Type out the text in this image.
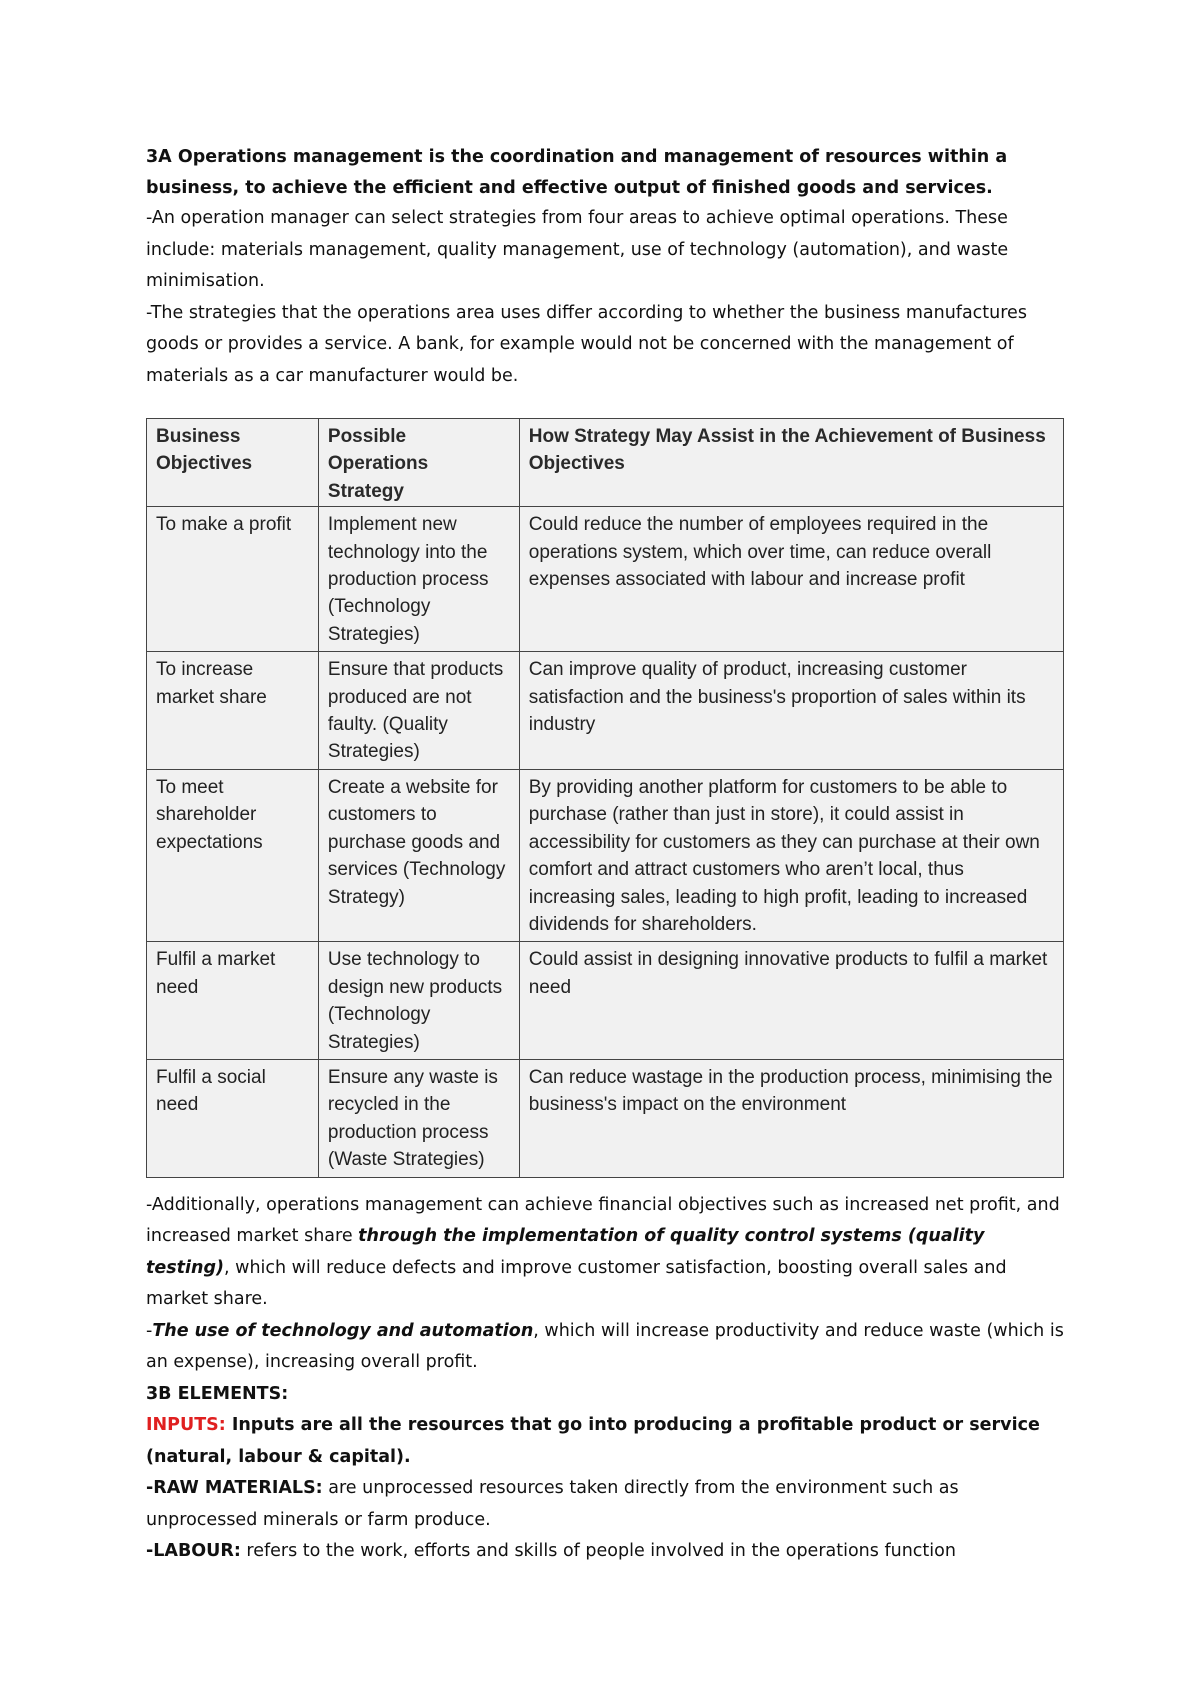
3A Operations management is the coordination and management of resources within a business, to achieve the efficient and effective output of finished goods and services.

-An operation manager can select strategies from four areas to achieve optimal operations. These include: materials management, quality management, use of technology (automation), and waste minimisation.

-The strategies that the operations area uses differ according to whether the business manufactures goods or provides a service. A bank, for example would not be concerned with the management of materials as a car manufacturer would be.

Business Objectives	Possible Operations Strategy	How Strategy May Assist in the Achievement of Business Objectives
To make a profit	Implement new technology into the production process (Technology Strategies)	Could reduce the number of employees required in the operations system, which over time, can reduce overall expenses associated with labour and increase profit
To increase market share	Ensure that products produced are not faulty. (Quality Strategies)	Can improve quality of product, increasing customer satisfaction and the business's proportion of sales within its industry
To meet shareholder expectations	Create a website for customers to purchase goods and services (Technology Strategy)	By providing another platform for customers to be able to purchase (rather than just in store), it could assist in accessibility for customers as they can purchase at their own comfort and attract customers who aren’t local, thus increasing sales, leading to high profit, leading to increased dividends for shareholders.
Fulfil a market need	Use technology to design new products (Technology Strategies)	Could assist in designing innovative products to fulfil a market need
Fulfil a social need	Ensure any waste is recycled in the production process (Waste Strategies)	Can reduce wastage in the production process, minimising the business's impact on the environment

-Additionally, operations management can achieve financial objectives such as increased net profit, and increased market share through the implementation of quality control systems (quality testing), which will reduce defects and improve customer satisfaction, boosting overall sales and market share.

-The use of technology and automation, which will increase productivity and reduce waste (which is an expense), increasing overall profit.

3B ELEMENTS:

INPUTS: Inputs are all the resources that go into producing a profitable product or service (natural, labour & capital).

-RAW MATERIALS: are unprocessed resources taken directly from the environment such as unprocessed minerals or farm produce.

-LABOUR: refers to the work, efforts and skills of people involved in the operations function
